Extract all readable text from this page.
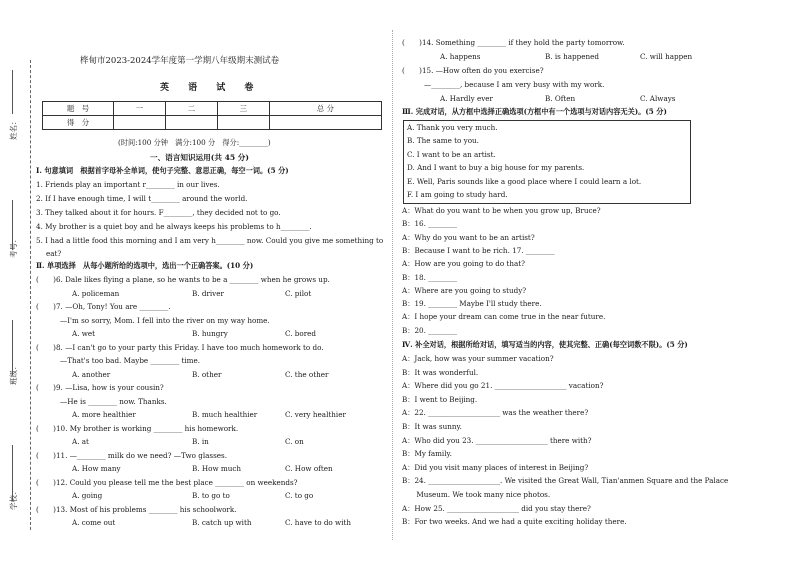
姓名：
考号：
班级：
学校：
桦甸市2023-2024学年度第一学期八年级期末测试卷
英 语 试 卷
题　号	一	二	三	总 分
得　分				
(时间:100 分钟　满分:100 分　得分:________)
一、语言知识运用(共 45 分)
Ⅰ. 句意填词　根据首字母补全单词，使句子完整、意思正确，每空一词。(5 分)
1. Friends play an important r________ in our lives.
2. If I have enough time, I will t________ around the world.
3. They talked about it for hours. F________, they decided not to go.
4. My brother is a quiet boy and he always keeps his problems to h________.
5. I had a little food this morning and I am very h________ now. Could you give me something to
eat?
Ⅱ. 单项选择　从每小题所给的选项中，选出一个正确答案。(10 分)
(　　)6. Dale likes flying a plane, so he wants to be a ________ when he grows up.
A. policeman	B. driver	C. pilot
(　　)7. —Oh, Tony! You are ________.
—I'm so sorry, Mom. I fell into the river on my way home.
A. wet	B. hungry	C. bored
(　　)8. —I can't go to your party this Friday. I have too much homework to do.
—That's too bad. Maybe ________ time.
A. another	B. other	C. the other
(　　)9. —Lisa, how is your cousin?
—He is ________ now. Thanks.
A. more healthier	B. much healthier	C. very healthier
(　　)10. My brother is working ________ his homework.
A. at	B. in	C. on
(　　)11. —________ milk do we need? —Two glasses.
A. How many	B. How much	C. How often
(　　)12. Could you please tell me the best place ________ on weekends?
A. going	B. to go to	C. to go
(　　)13. Most of his problems ________ his schoolwork.
A. come out	B. catch up with	C. have to do with
(　　)14. Something ________ if they hold the party tomorrow.
A. happens	B. is happened	C. will happen
(　　)15. —How often do you exercise?
—________, because I am very busy with my work.
A. Hardly ever	B. Often	C. Always
Ⅲ. 完成对话，从方框中选择正确选项(方框中有一个选项与对话内容无关)。(5 分)
A. Thank you very much.
B. The same to you.
C. I want to be an artist.
D. And I want to buy a big house for my parents.
E. Well, Paris sounds like a good place where I could learn a lot.
F. I am going to study hard.
A：What do you want to be when you grow up, Bruce?
B：16. ________
A：Why do you want to be an artist?
B：Because I want to be rich. 17. ________
A：How are you going to do that?
B：18. ________
A：Where are you going to study?
B：19. ________ Maybe I'll study there.
A：I hope your dream can come true in the near future.
B：20. ________
Ⅳ. 补全对话，根据所给对话，填写适当的内容，使其完整、正确(每空词数不限)。(5 分)
A：Jack, how was your summer vacation?
B：It was wonderful.
A：Where did you go 21. ____________________ vacation?
B：I went to Beijing.
A：22. ____________________ was the weather there?
B：It was sunny.
A：Who did you 23. ____________________ there with?
B：My family.
A：Did you visit many places of interest in Beijing?
B：24. ____________________. We visited the Great Wall, Tian'anmen Square and the Palace
　　Museum. We took many nice photos.
A：How 25. ____________________ did you stay there?
B：For two weeks. And we had a quite exciting holiday there.
